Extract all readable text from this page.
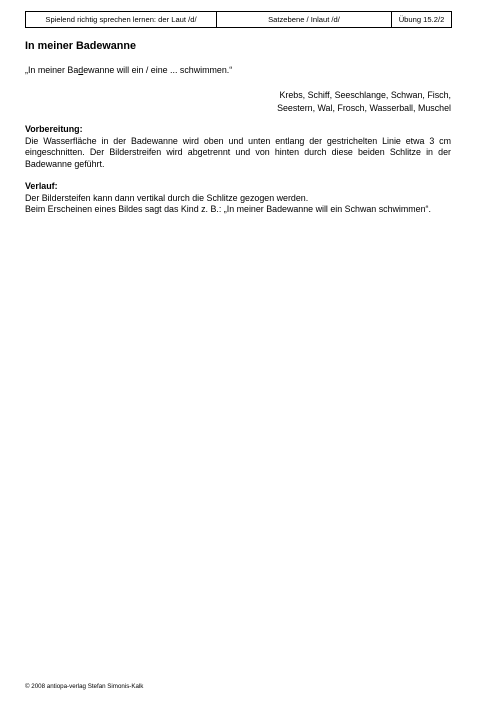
Spielend richtig sprechen lernen: der Laut /d/	Satzebene / Inlaut /d/	Übung 15.2/2
In meiner Badewanne

„In meiner Badewanne will ein / eine ... schwimmen.“

Krebs, Schiff, Seeschlange, Schwan, Fisch,
Seestern, Wal, Frosch, Wasserball, Muschel

Vorbereitung:

Die Wasserfläche in der Badewanne wird oben und unten entlang der gestrichelten Linie etwa 3 cm eingeschnitten. Der Bilderstreifen wird abgetrennt und von hinten durch diese beiden Schlitze in der Badewanne geführt.

Verlauf:

Der Bildersteifen kann dann vertikal durch die Schlitze gezogen werden.

Beim Erscheinen eines Bildes sagt das Kind z. B.: „In meiner Badewanne will ein Schwan schwimmen“.

© 2008 antiopa-verlag Stefan Simonis-Kalk
